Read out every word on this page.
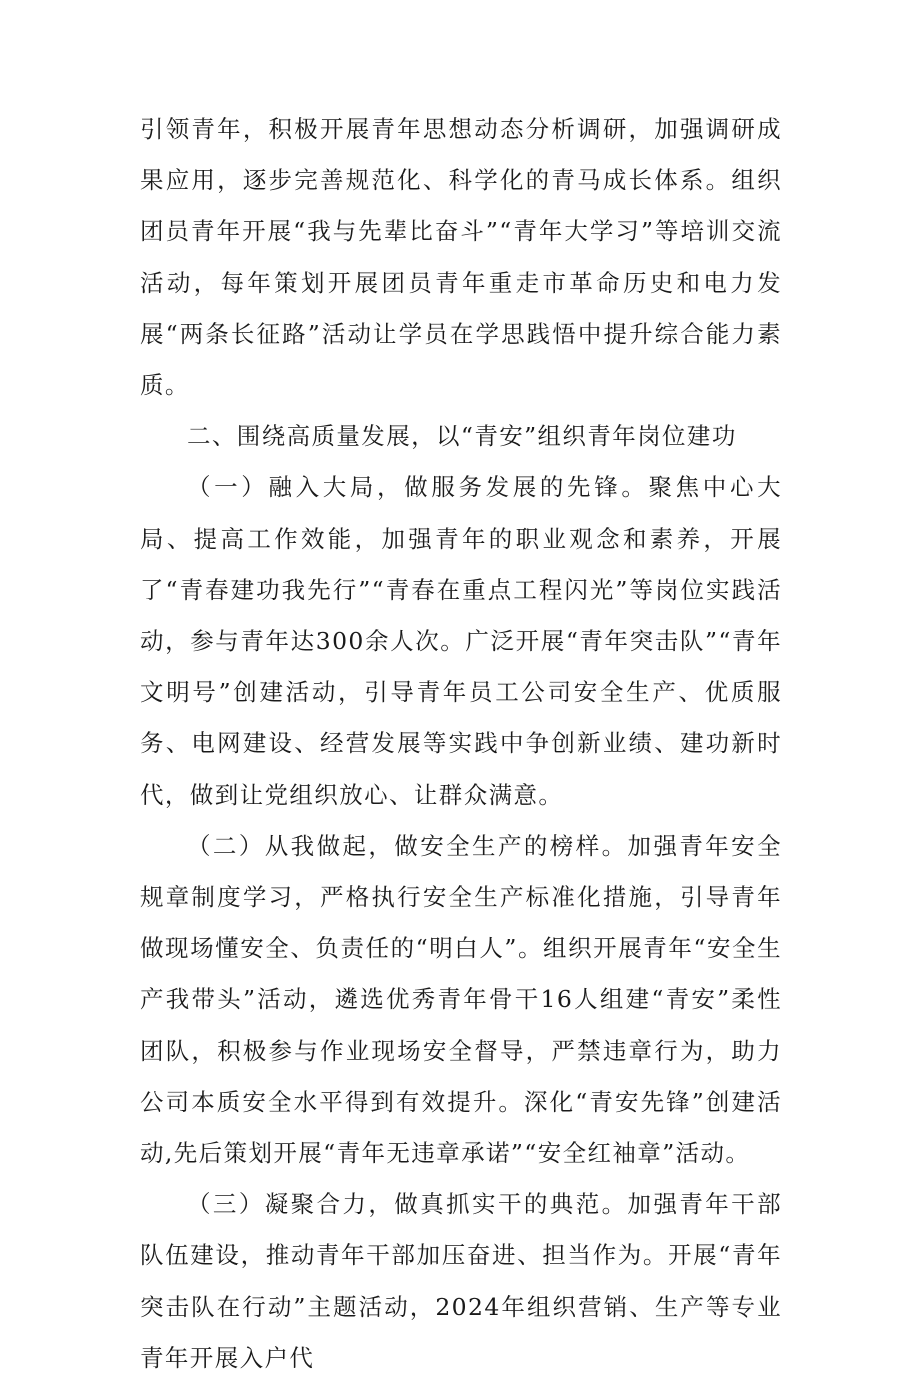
引领青年，积极开展青年思想动态分析调研，加强调研成果应用，逐步完善规范化、科学化的青马成长体系。组织团员青年开展“我与先辈比奋斗”“青年大学习”等培训交流活动，每年策划开展团员青年重走市革命历史和电力发展“两条长征路”活动让学员在学思践悟中提升综合能力素质。

二、围绕高质量发展，以“青安”组织青年岗位建功

（一）融入大局，做服务发展的先锋。聚焦中心大局、提高工作效能，加强青年的职业观念和素养，开展了“青春建功我先行”“青春在重点工程闪光”等岗位实践活动，参与青年达300余人次。广泛开展“青年突击队”“青年文明号”创建活动，引导青年员工公司安全生产、优质服务、电网建设、经营发展等实践中争创新业绩、建功新时代，做到让党组织放心、让群众满意。

（二）从我做起，做安全生产的榜样。加强青年安全规章制度学习，严格执行安全生产标准化措施，引导青年做现场懂安全、负责任的“明白人”。组织开展青年“安全生产我带头”活动，遴选优秀青年骨干16人组建“青安”柔性团队，积极参与作业现场安全督导，严禁违章行为，助力公司本质安全水平得到有效提升。深化“青安先锋”创建活动,先后策划开展“青年无违章承诺”“安全红袖章”活动。

（三）凝聚合力，做真抓实干的典范。加强青年干部队伍建设，推动青年干部加压奋进、担当作为。开展“青年突击队在行动”主题活动，2024年组织营销、生产等专业青年开展入户代
